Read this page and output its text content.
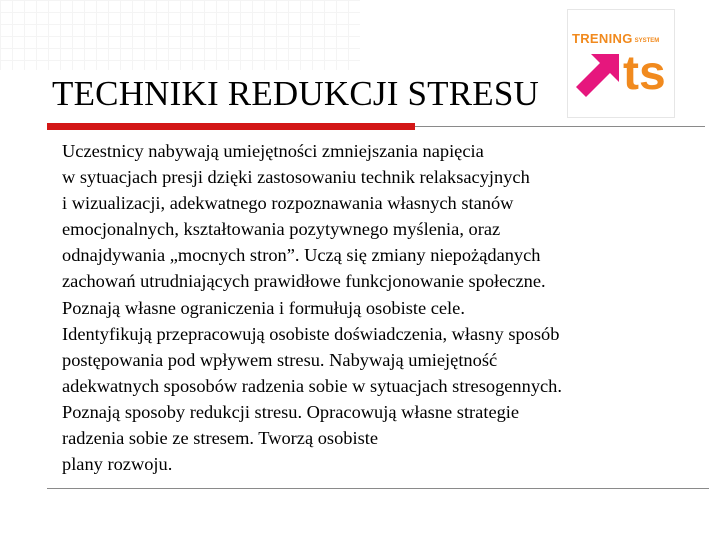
TECHNIKI REDUKCJI STRESU
TRENING SYSTEM
ts
Uczestnicy nabywają umiejętności zmniejszania napięcia
w sytuacjach presji dzięki zastosowaniu technik relaksacyjnych
i wizualizacji, adekwatnego rozpoznawania własnych stanów
emocjonalnych, kształtowania pozytywnego myślenia, oraz
odnajdywania „mocnych stron”. Uczą się zmiany niepożądanych
zachowań utrudniających prawidłowe funkcjonowanie społeczne.
Poznają własne ograniczenia i formułują osobiste cele.
Identyfikują przepracowują osobiste doświadczenia, własny sposób
postępowania pod wpływem stresu. Nabywają umiejętność
adekwatnych sposobów radzenia sobie w sytuacjach stresogennych.
Poznają sposoby redukcji stresu. Opracowują własne strategie
radzenia sobie ze stresem. Tworzą osobiste
plany rozwoju.
